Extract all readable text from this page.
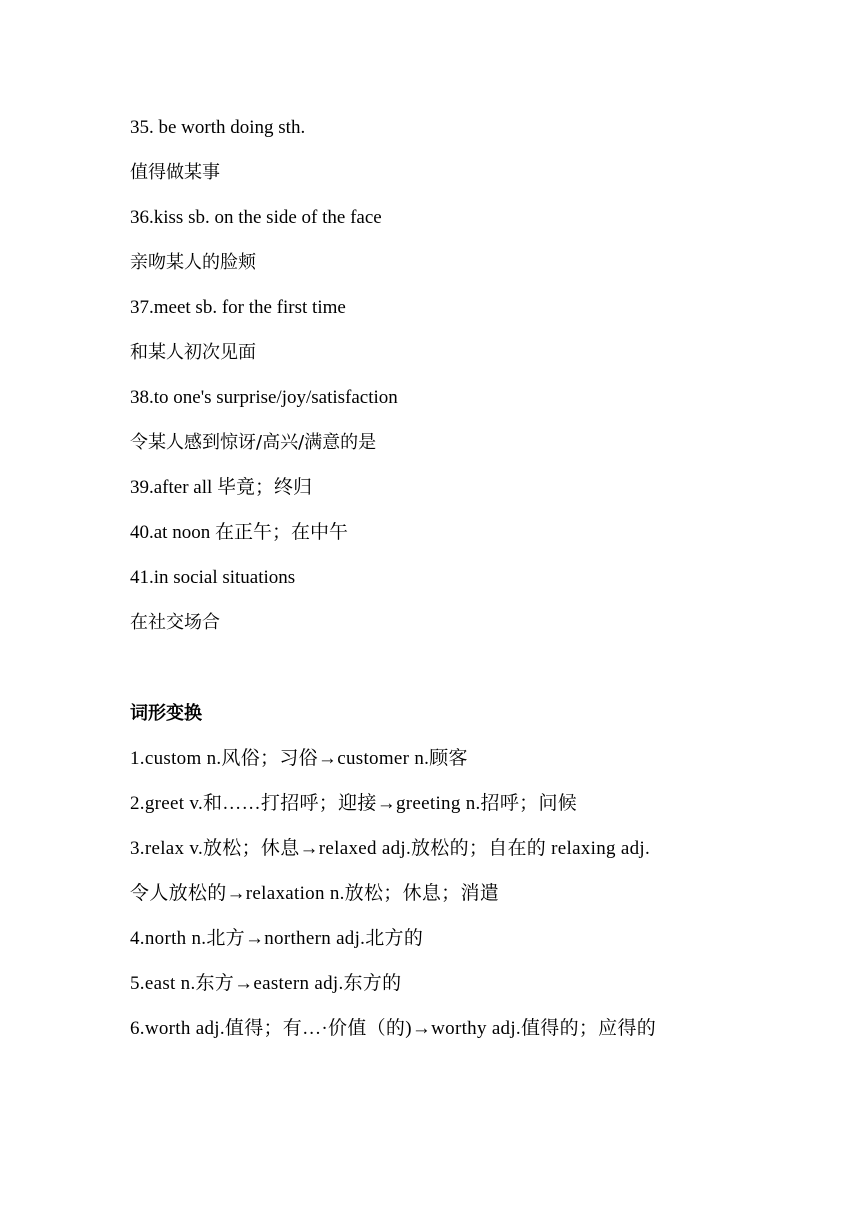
35. be worth doing sth.
值得做某事
36.kiss sb. on the side of the face
亲吻某人的脸颊
37.meet sb. for the first time
和某人初次见面
38.to one's surprise/joy/satisfaction
令某人感到惊讶/高兴/满意的是
39.after all 毕竟；终归
40.at noon 在正午；在中午
41.in social situations
在社交场合
词形变换
1.custom n.风俗；习俗→customer n.顾客
2.greet v.和……打招呼；迎接→greeting n.招呼；问候
3.relax v.放松；休息→relaxed adj.放松的；自在的 relaxing adj.
令人放松的→relaxation n.放松；休息；消遣
4.north n.北方→northern adj.北方的
5.east n.东方→eastern adj.东方的
6.worth adj.值得；有…·价值（的)→worthy adj.值得的；应得的
